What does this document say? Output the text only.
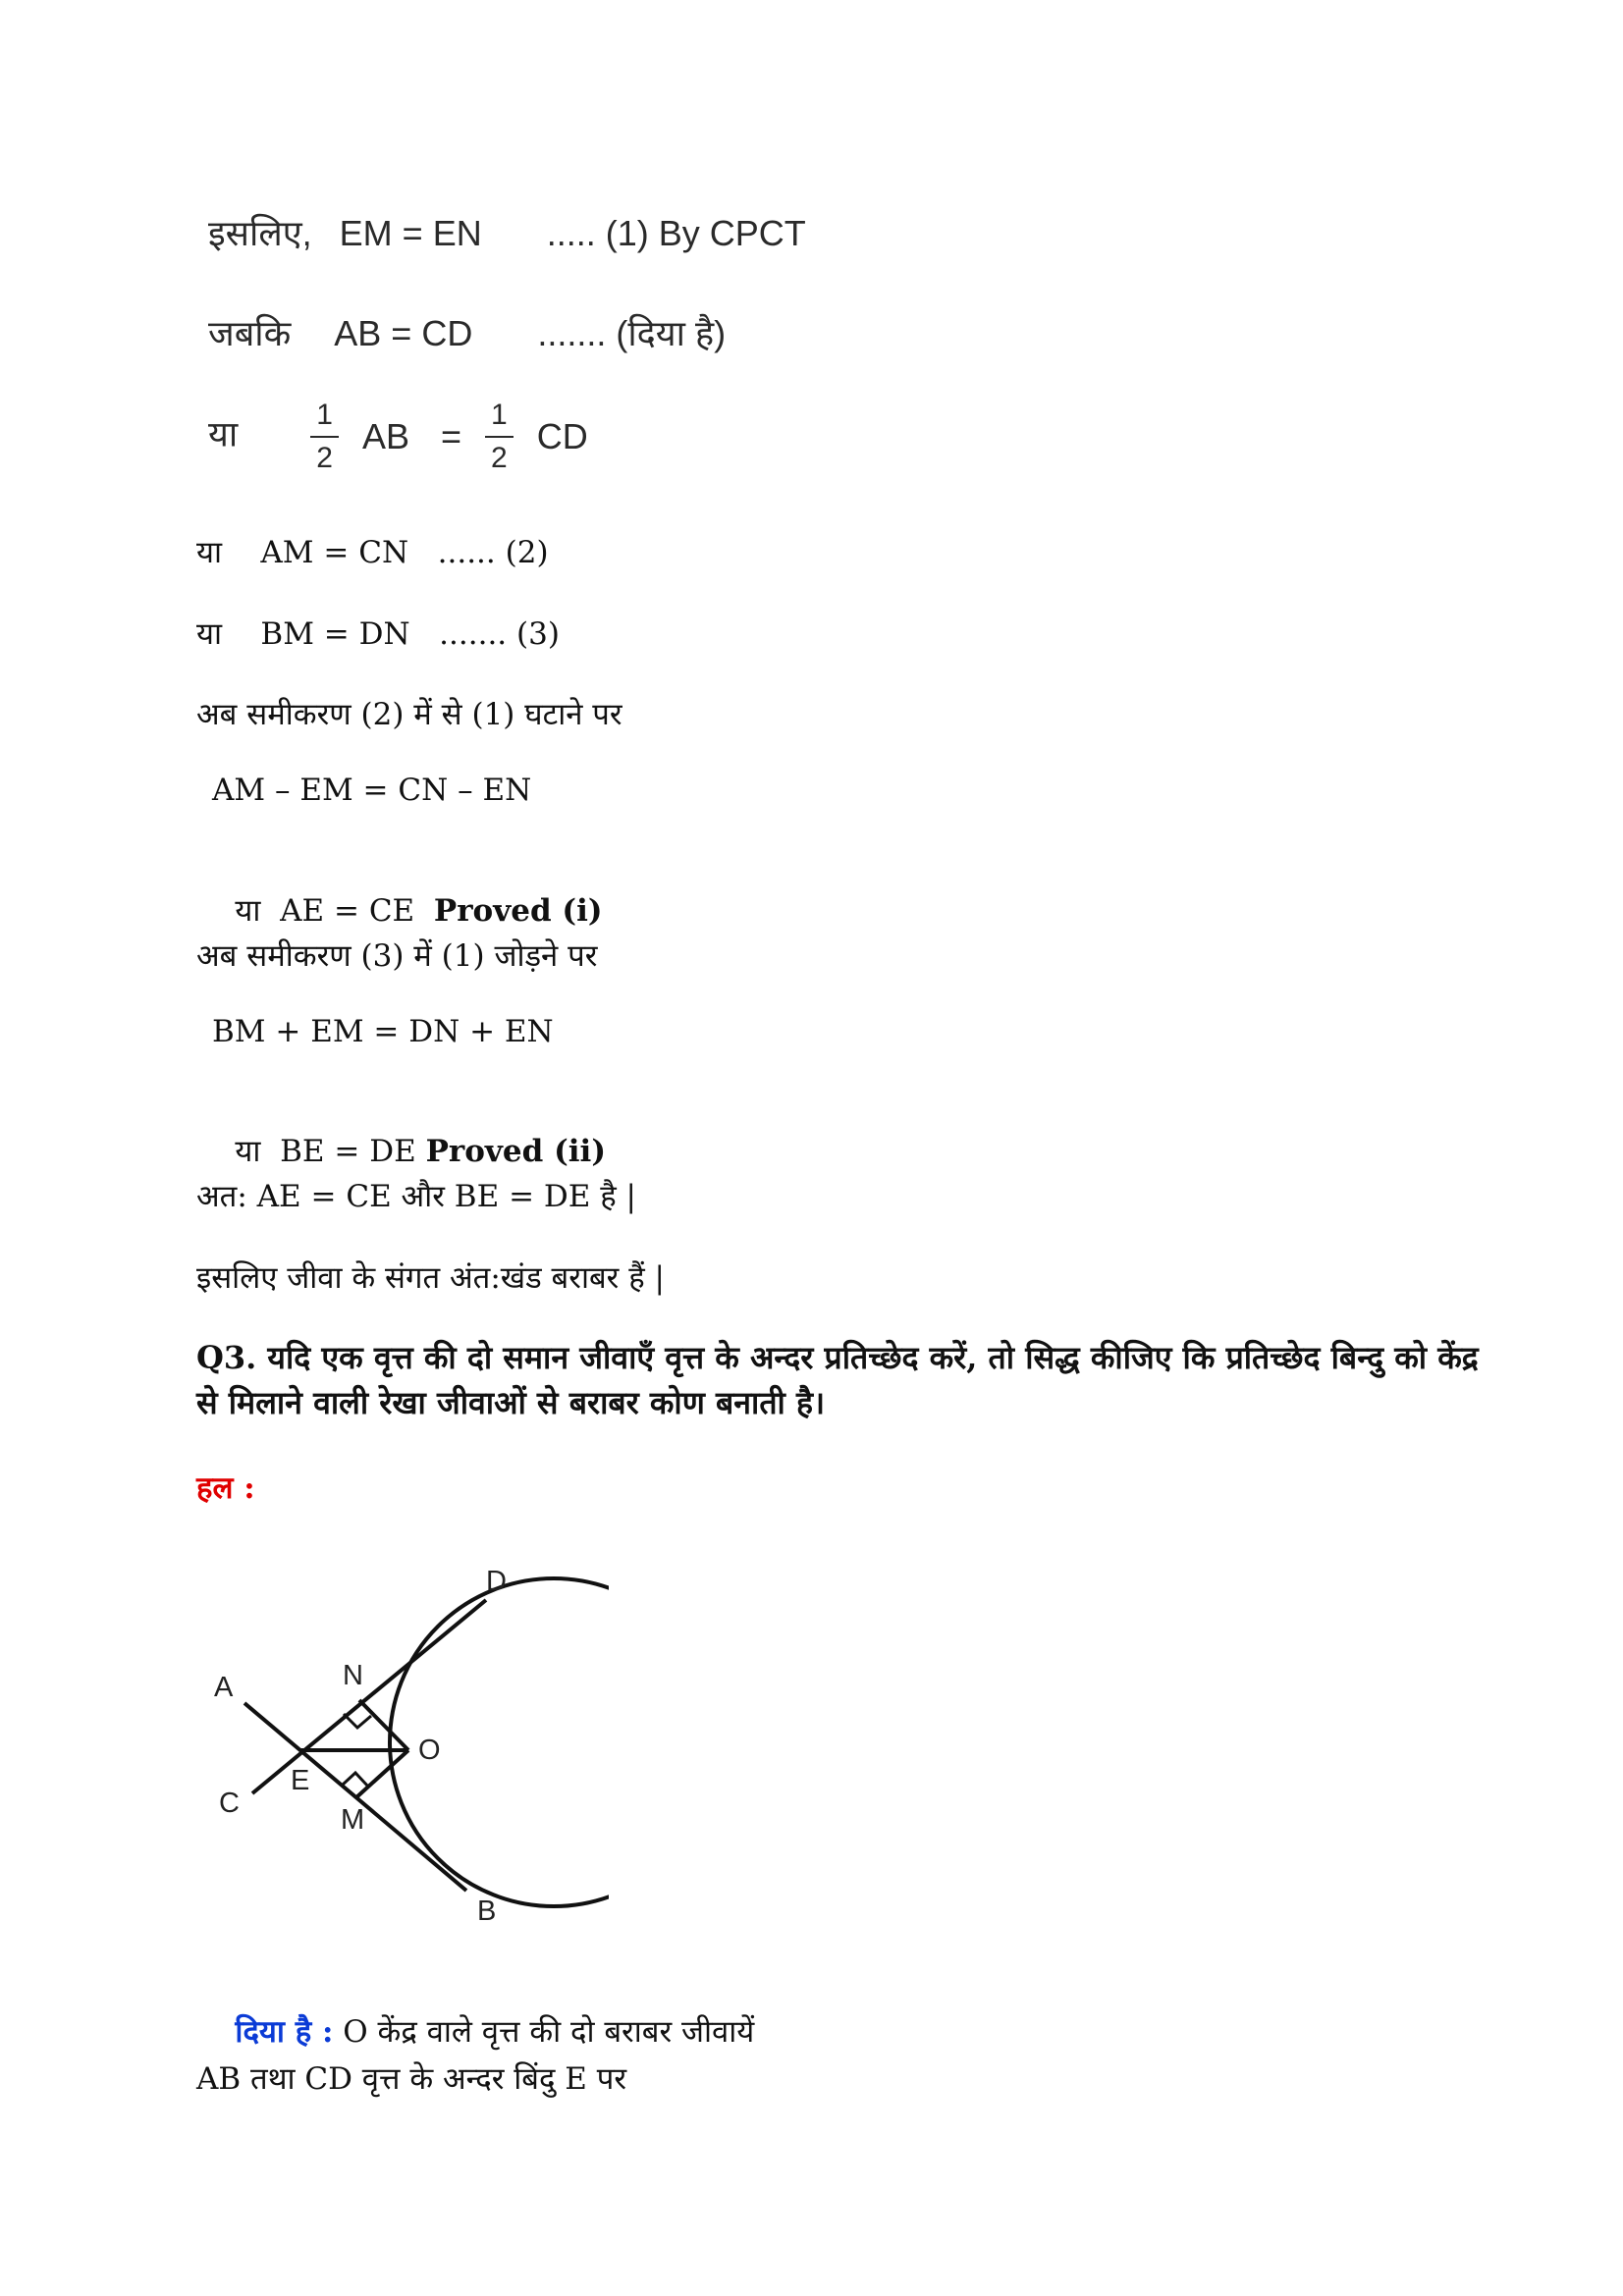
इसलिए, EM = EN ..... (1) By CPCT
जबकि AB = CD ....... (दिया है)
या $\frac{1}{2}$ AB = $\frac{1}{2}$ CD
या    AM = CN   ...... (2)
या    BM = DN   ....... (3)
अब समीकरण (2) में से (1) घटाने पर
AM – EM = CN – EN

या  AE = CE  Proved (i)

अब समीकरण (3) में (1) जोड़ने पर
BM + EM = DN + EN

या  BE = DE Proved (ii)

अत: AE = CE और BE = DE है |
इसलिए जीवा के संगत अंत:खंड बराबर हैं |
Q3. यदि एक वृत्त की दो समान जीवाएँ वृत्त के अन्दर प्रतिच्छेद करें, तो सिद्ध कीजिए कि प्रतिच्छेद बिन्दु को केंद्र से मिलाने वाली रेखा जीवाओं से बराबर कोण बनाती है।
हल :
D
A	N
O
E
C
M
B

दिया है : O केंद्र वाले वृत्त की दो बराबर जीवायें

AB तथा CD वृत्त के अन्दर बिंदु E पर
